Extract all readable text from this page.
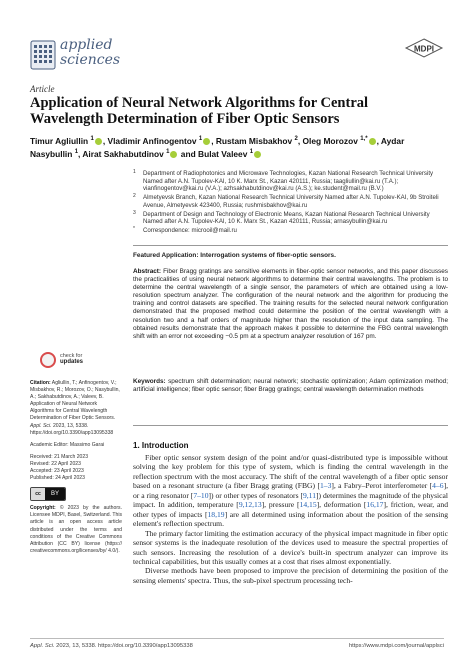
applied
sciences
MDPI
Article
Application of Neural Network Algorithms for Central Wavelength Determination of Fiber Optic Sensors
Timur Agliullin $^1$ , Vladimir Anfinogentov $^1$ , Rustam Misbakhov $^2$, Oleg Morozov $^{1,*}$ , Aydar Nasybullin $^1$, Airat Sakhabutdinov $^1$ and Bulat Valeev $^1$
1 Department of Radiophotonics and Microwave Technologies, Kazan National Research Technical University Named after A.N. Tupolev-KAI, 10 K. Marx St., Kazan 420111, Russia; taagliullin@kai.ru (T.A.); vianfinogentov@kai.ru (V.A.); azhsakhabutdinov@kai.ru (A.S.); ke.student@mail.ru (B.V.)
2 Almetyevsk Branch, Kazan National Research Technical University Named after A.N. Tupolev-KAI, 9b Stroiteli Avenue, Almetyevsk 423400, Russia; rushmisbakhov@kai.ru
3 Department of Design and Technology of Electronic Means, Kazan National Research Technical University Named after A.N. Tupolev-KAI, 10 K. Marx St., Kazan 420111, Russia; arnasybullin@kai.ru
* Correspondence: microoil@mail.ru
Featured Application: Interrogation systems of fiber-optic sensors.
Abstract: Fiber Bragg gratings are sensitive elements in fiber-optic sensor networks, and this paper discusses the practicalities of using neural network algorithms to determine their central wavelengths. The problem is to determine the central wavelength of a single sensor, the parameters of which are obtained using a low-resolution spectrum analyzer. The configuration of the neural network and the algorithm for producing the training and control datasets are specified. The training results for the selected neural network configuration demonstrated that the proposed method could determine the position of the central wavelength with a resolution two and a half orders of magnitude higher than the resolution of the input data sampling. The obtained results demonstrate that the approach makes it possible to determine the FBG central wavelength shift with an error not exceeding −0.5 pm at a spectrum analyzer resolution of 167 pm.
Keywords: spectrum shift determination; neural network; stochastic optimization; Adam optimization method; artificial intelligence; fiber optic sensor; fiber Bragg gratings; central wavelength determination methods
check for
updates
Citation: Agliullin, T.; Anfinogentov, V.; Misbakhov, R.; Morozov, O.; Nasybullin, A.; Sakhabutdinov, A.; Valeev, B. Application of Neural Network Algorithms for Central Wavelength Determination of Fiber Optic Sensors. Appl. Sci. 2023, 13, 5338. https://doi.org/10.3390/app13095338
Academic Editor: Massimo Garai
Received: 21 March 2023
Revised: 22 April 2023
Accepted: 23 April 2023
Published: 24 April 2023
cc	BY
Copyright: © 2023 by the authors. Licensee MDPI, Basel, Switzerland. This article is an open access article distributed under the terms and conditions of the Creative Commons Attribution (CC BY) license (https:// creativecommons.org/licenses/by/ 4.0/).
1. Introduction

Fiber optic sensor system design of the point and/or quasi-distributed type is impossible without solving the key problem for this type of system, which is finding the central wavelength in the reflection spectrum with the most accuracy. The shift of the central wavelength of a fiber optic sensor based on a resonant structure (a fiber Bragg grating (FBG) [1–3], a Fabry–Perot interferometer [4–6], or a ring resonator [7–10]) or other types of resonators [9,11]) determines the magnitude of the physical impact. In addition, temperature [9,12,13], pressure [14,15], deformation [16,17], friction, wear, and other types of impacts [18,19] are all determined using information about the position of the sensing element's reflection spectrum.

The primary factor limiting the estimation accuracy of the physical impact magnitude in fiber optic sensor systems is the inadequate resolution of the devices used to measure the spectral properties of such sensors. Increasing the resolution of a device's built-in spectrum analyzer can improve its technical capabilities, but this usually comes at a cost that rises almost exponentially.

Diverse methods have been proposed to improve the precision of determining the position of the sensing elements' spectra. Thus, the sub-pixel spectrum processing tech-

Appl. Sci. 2023, 13, 5338. https://doi.org/10.3390/app13095338	https://www.mdpi.com/journal/applsci
